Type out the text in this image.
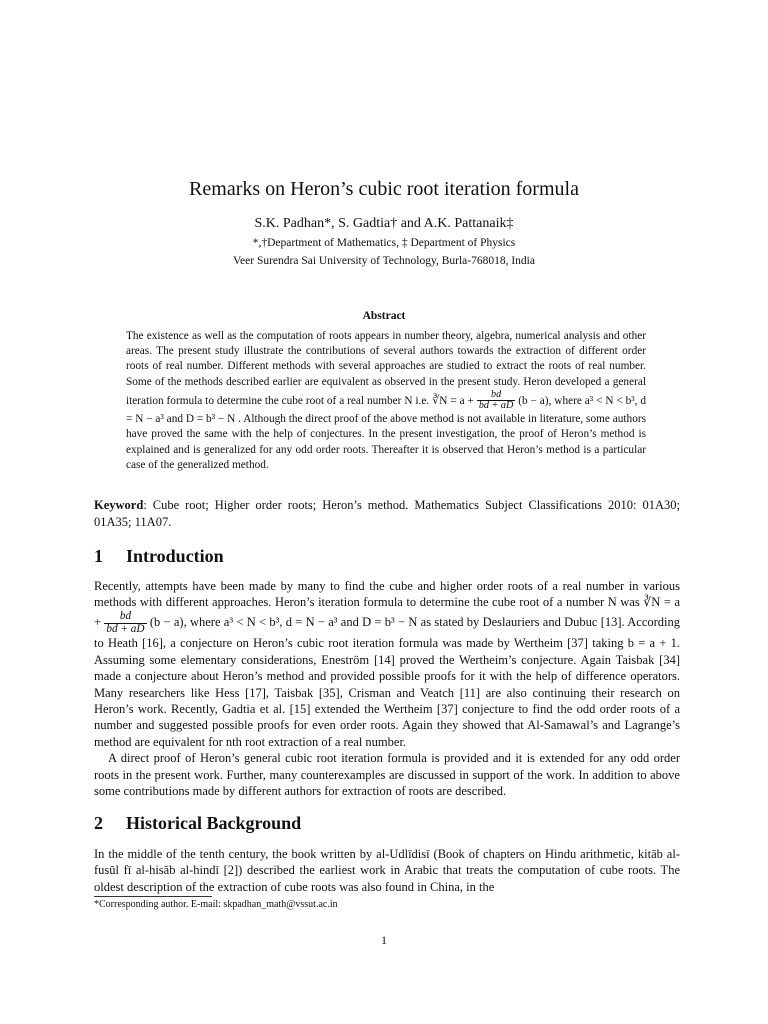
Remarks on Heron’s cubic root iteration formula
S.K. Padhan*, S. Gadtia† and A.K. Pattanaik‡
*,†Department of Mathematics, ‡ Department of Physics
Veer Surendra Sai University of Technology, Burla-768018, India
Abstract

The existence as well as the computation of roots appears in number theory, algebra, numerical analysis and other areas. The present study illustrate the contributions of several authors towards the extraction of different order roots of real number. Different methods with several approaches are studied to extract the roots of real number. Some of the methods described earlier are equivalent as observed in the present study. Heron developed a general iteration formula to determine the cube root of a real number N i.e. ∛N = $a + \frac{bd}{bd + aD} (b - a)$, where a³ < N < b³, d = N − a³ and D = b³ − N . Although the direct proof of the above method is not available in literature, some authors have proved the same with the help of conjectures. In the present investigation, the proof of Heron’s method is explained and is generalized for any odd order roots. Thereafter it is observed that Heron’s method is a particular case of the generalized method.

Keyword: Cube root; Higher order roots; Heron’s method. Mathematics Subject Classifications 2010: 01A30; 01A35; 11A07.
1 Introduction

Recently, attempts have been made by many to find the cube and higher order roots of a real number in various methods with different approaches. Heron’s iteration formula to determine the cube root of a number N was ∛N = $a + \frac{bd}{bd + aD} (b - a)$, where a³ < N < b³, d = N − a³ and D = b³ − N as stated by Deslauriers and Dubuc [13]. According to Heath [16], a conjecture on Heron’s cubic root iteration formula was made by Wertheim [37] taking b = a + 1. Assuming some elementary considerations, Eneström [14] proved the Wertheim’s conjecture. Again Taisbak [34] made a conjecture about Heron’s method and provided possible proofs for it with the help of difference operators. Many researchers like Hess [17], Taisbak [35], Crisman and Veatch [11] are also continuing their research on Heron’s work. Recently, Gadtia et al. [15] extended the Wertheim [37] conjecture to find the odd order roots of a number and suggested possible proofs for even order roots. Again they showed that Al-Samawal’s and Lagrange’s method are equivalent for nth root extraction of a real number.

A direct proof of Heron’s general cubic root iteration formula is provided and it is extended for any odd order roots in the present work. Further, many counterexamples are discussed in support of the work. In addition to above some contributions made by different authors for extraction of roots are described.

2 Historical Background

In the middle of the tenth century, the book written by al-Udlīdisī (Book of chapters on Hindu arithmetic, kitāb al-fusūl fī al-hisāb al-hindī [2]) described the earliest work in Arabic that treats the computation of cube roots. The oldest description of the extraction of cube roots was also found in China, in the

*Corresponding author. E-mail: skpadhan_math@vssut.ac.in
1
